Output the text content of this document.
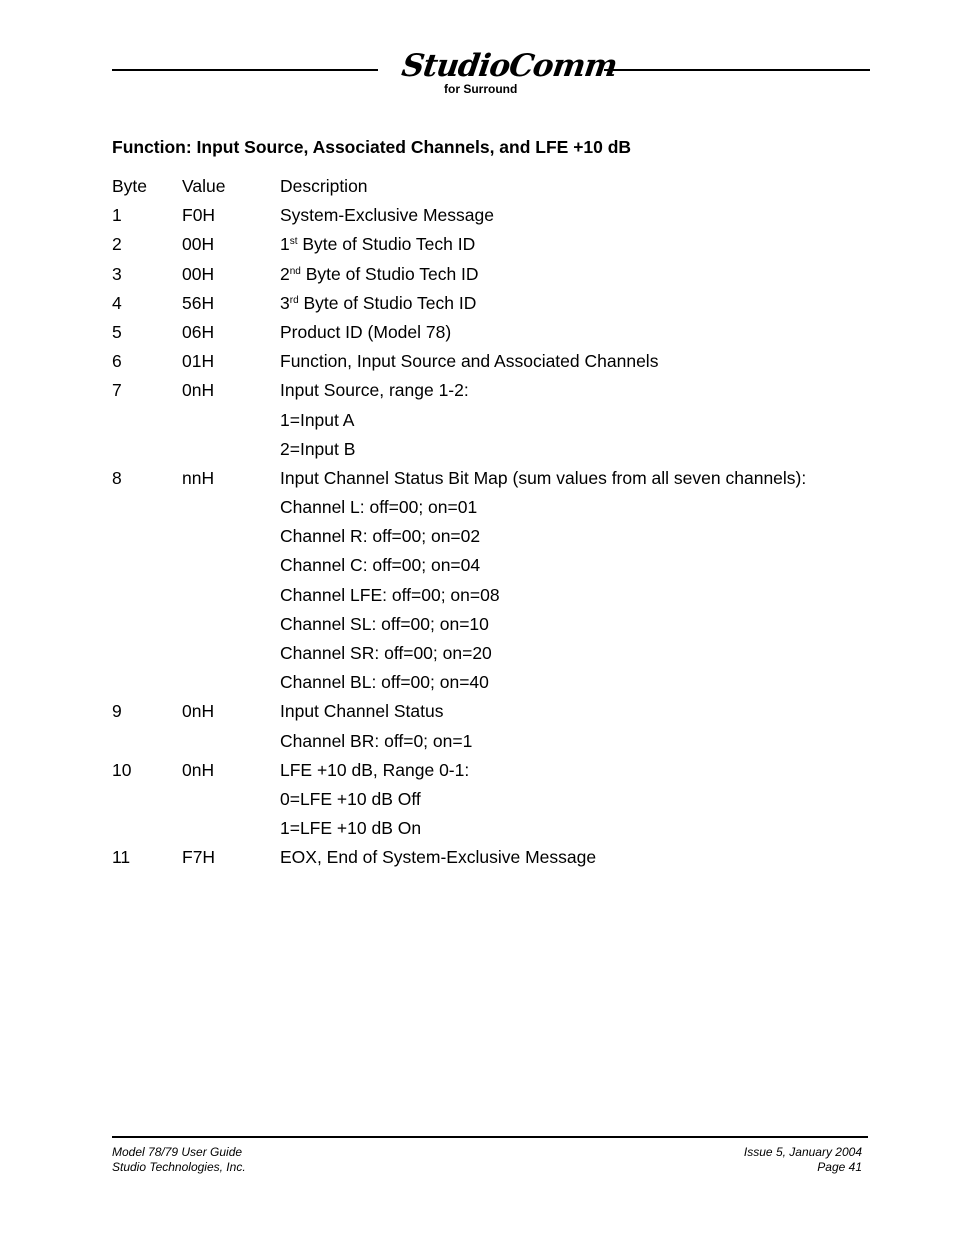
StudioComm
for Surround
Function: Input Source, Associated Channels, and LFE +10 dB
Byte Value	Description
1	F0H	System-Exclusive Message
2	00H	1st Byte of Studio Tech ID
3	00H	2nd Byte of Studio Tech ID
4	56H	3rd Byte of Studio Tech ID
5	06H	Product ID (Model 78)
6	01H	Function, Input Source and Associated Channels
7	0nH	Input Source, range 1-2:
1=Input A
2=Input B
8	nnH	Input Channel Status Bit Map (sum values from all seven channels):
Channel L: off=00; on=01
Channel R: off=00; on=02
Channel C: off=00; on=04
Channel LFE: off=00; on=08
Channel SL: off=00; on=10
Channel SR: off=00; on=20
Channel BL: off=00; on=40
9	0nH	Input Channel Status
Channel BR: off=0; on=1
10	0nH	LFE +10 dB, Range 0-1:
0=LFE +10 dB Off
1=LFE +10 dB On
11	F7H	EOX, End of System-Exclusive Message
Model 78/79 User Guide
Studio Technologies, Inc.
Issue 5, January 2004
Page 41
